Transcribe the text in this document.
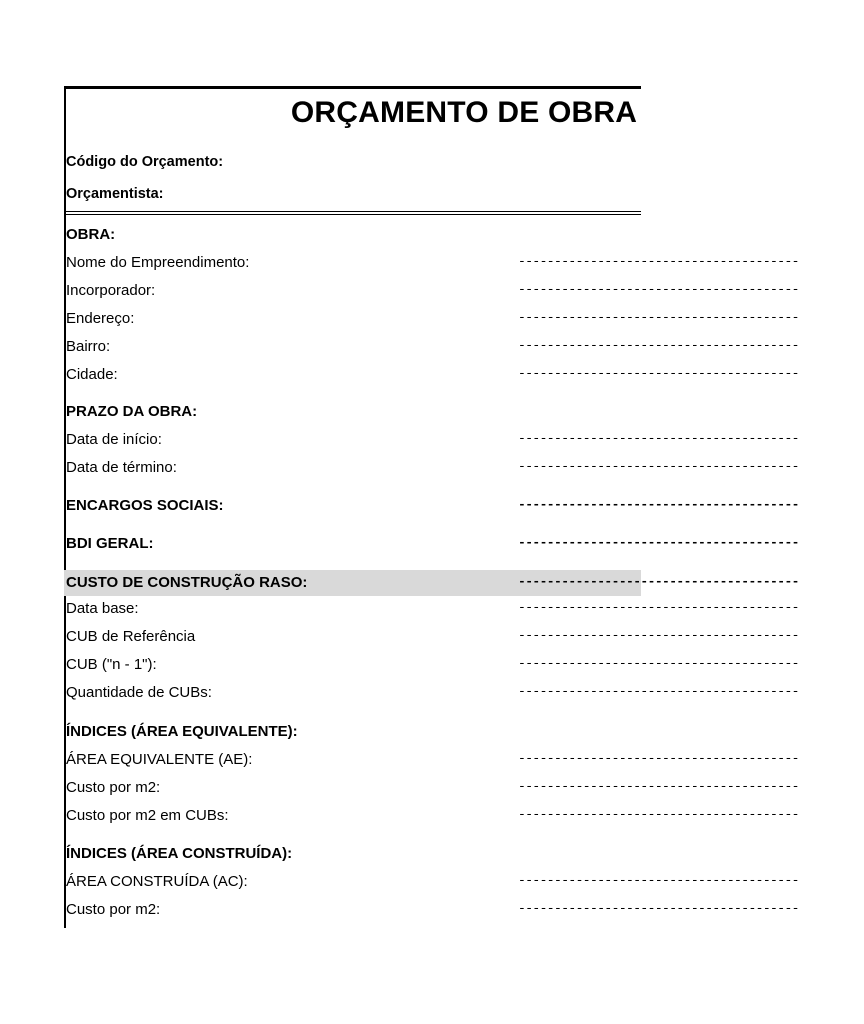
ORÇAMENTO DE OBRA
Código do Orçamento:
Orçamentista:
OBRA:
Nome do Empreendimento:	---------------------------------------
Incorporador:	---------------------------------------
Endereço:	---------------------------------------
Bairro:	---------------------------------------
Cidade:	---------------------------------------
PRAZO DA OBRA:
Data de início:	---------------------------------------
Data de término:	---------------------------------------
ENCARGOS SOCIAIS:	---------------------------------------
BDI GERAL:	---------------------------------------
CUSTO DE CONSTRUÇÃO RASO:	---------------------------------------
Data base:	---------------------------------------
CUB de Referência	---------------------------------------
CUB ("n - 1"):	---------------------------------------
Quantidade de CUBs:	---------------------------------------
ÍNDICES (ÁREA EQUIVALENTE):
ÁREA EQUIVALENTE (AE):	---------------------------------------
Custo por m2:	---------------------------------------
Custo por m2 em CUBs:	---------------------------------------
ÍNDICES (ÁREA CONSTRUÍDA):
ÁREA CONSTRUÍDA (AC):	---------------------------------------
Custo por m2:	---------------------------------------
